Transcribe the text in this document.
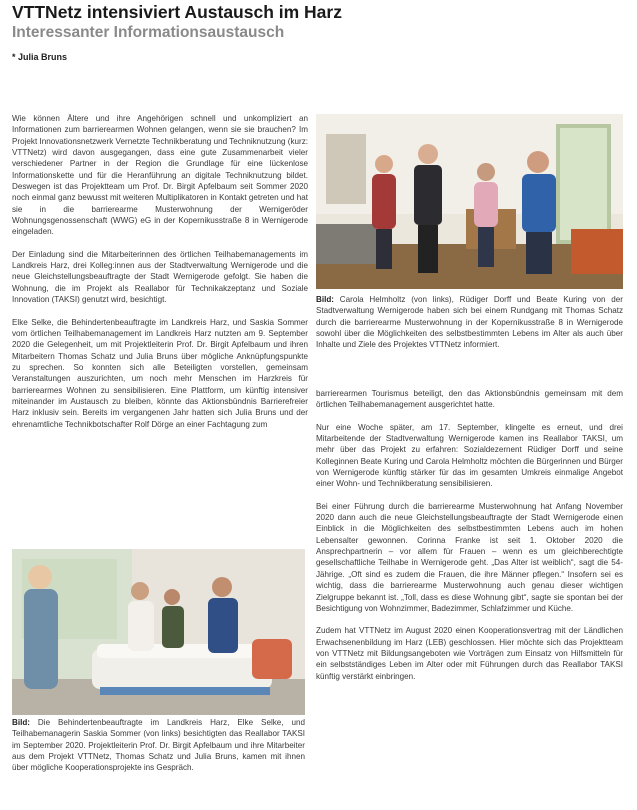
VTTNetz intensiviert Austausch im Harz
Interessanter Informationsaustausch
* Julia Bruns

Wie können Ältere und ihre Angehörigen schnell und unkompliziert an Informationen zum barrierearmen Wohnen gelangen, wenn sie sie brauchen? Im Projekt Innovationsnetzwerk Vernetzte Technikberatung und Techniknutzung (kurz: VTTNetz) wird davon ausgegangen, dass eine gute Zusammenarbeit vieler verschiedener Partner in der Region die Grundlage für eine lückenlose Informationskette und für die Heranführung an digitale Techniknutzung bildet. Deswegen ist das Projektteam um Prof. Dr. Birgit Apfelbaum seit Sommer 2020 noch einmal ganz bewusst mit weiteren Multiplikatoren in Kontakt getreten und hat sie in die barrierearme Musterwohnung der Wernigeröder Wohnungsgenossenschaft (WWG) eG in der Kopernikusstraße 8 in Wernigerode eingeladen.

Der Einladung sind die Mitarbeiterinnen des örtlichen Teilhabemanagements im Landkreis Harz, drei Kolleg:innen aus der Stadtverwaltung Wernigerode und die neue Gleichstellungsbeauftragte der Stadt Wernigerode gefolgt. Sie haben die Wohnung, die im Projekt als Reallabor für Technikakzeptanz und Soziale Innovation (TAKSI) genutzt wird, besichtigt.

Elke Selke, die Behindertenbeauftragte im Landkreis Harz, und Saskia Sommer vom örtlichen Teilhabemanagement im Landkreis Harz nutzten am 9. September 2020 die Gelegenheit, um mit Projektleiterin Prof. Dr. Birgit Apfelbaum und ihren Mitarbeitern Thomas Schatz und Julia Bruns über mögliche Anknüpfungspunkte zu sprechen. So konnten sich alle Beteiligten vorstellen, gemeinsam Veranstaltungen auszurichten, um noch mehr Menschen im Harzkreis für barrierearmes Wohnen zu sensibilisieren. Eine Plattform, um künftig intensiver miteinander im Austausch zu bleiben, könnte das Aktionsbündnis Barrierefreier Harz inklusiv sein. Bereits im vergangenen Jahr hatten sich Julia Bruns und der ehrenamtliche Technikbotschafter Rolf Dörge an einer Fachtagung zum

Bild: Carola Helmholtz (von links), Rüdiger Dorff und Beate Kuring von der Stadtverwaltung Wernigerode haben sich bei einem Rundgang mit Thomas Schatz durch die barrierearme Musterwohnung in der Kopernikusstraße 8 in Wernigerode sowohl über die Möglichkeiten des selbstbestimmten Lebens im Alter als auch über Inhalte und Ziele des Projektes VTTNetz informiert.
Bild: Die Behindertenbeauftragte im Landkreis Harz, Elke Selke, und Teilhabemanagerin Saskia Sommer (von links) besichtigten das Reallabor TAKSI im September 2020. Projektleiterin Prof. Dr. Birgit Apfelbaum und ihre Mitarbeiter aus dem Projekt VTTNetz, Thomas Schatz und Julia Bruns, kamen mit ihnen über mögliche Kooperationsprojekte ins Gespräch.

barrierearmen Tourismus beteiligt, den das Aktionsbündnis gemeinsam mit dem örtlichen Teilhabemanagement ausgerichtet hatte.

Nur eine Woche später, am 17. September, klingelte es erneut, und drei Mitarbeitende der Stadtverwaltung Wernigerode kamen ins Reallabor TAKSI, um mehr über das Projekt zu erfahren: Sozialdezernent Rüdiger Dorff und seine Kolleginnen Beate Kuring und Carola Helmholtz möchten die Bürgerinnen und Bürger von Wernigerode künftig stärker für das im gesamten Umkreis einmalige Angebot einer Wohn- und Technikberatung sensibilisieren.

Bei einer Führung durch die barrierearme Musterwohnung hat Anfang November 2020 dann auch die neue Gleichstellungsbeauftragte der Stadt Wernigerode einen Einblick in die Möglichkeiten des selbstbestimmten Lebens auch im hohen Lebensalter gewonnen. Corinna Franke ist seit 1. Oktober 2020 die Ansprechpartnerin – vor allem für Frauen – wenn es um gleichberechtigte gesellschaftliche Teilhabe in Wernigerode geht. „Das Alter ist weiblich“, sagt die 54-Jährige. „Oft sind es zudem die Frauen, die ihre Männer pflegen.“ Insofern sei es wichtig, dass die barrierearme Musterwohnung auch genau dieser wichtigen Zielgruppe bekannt ist. „Toll, dass es diese Wohnung gibt“, sagte sie spontan bei der Besichtigung von Wohnzimmer, Badezimmer, Schlafzimmer und Küche.

Zudem hat VTTNetz im August 2020 einen Kooperationsvertrag mit der Ländlichen Erwachsenenbildung im Harz (LEB) geschlossen. Hier möchte sich das Projektteam von VTTNetz mit Bildungsangeboten wie Vorträgen zum Einsatz von Hilfsmitteln für ein selbstständiges Leben im Alter oder mit Führungen durch das Reallabor TAKSI künftig verstärkt einbringen.
